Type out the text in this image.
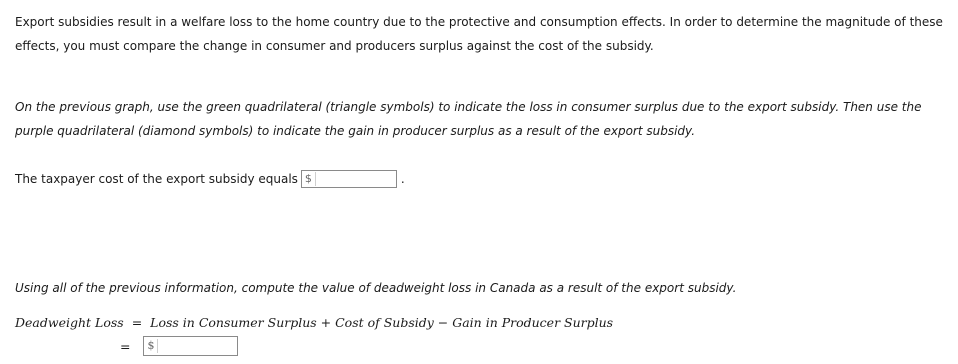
Export subsidies result in a welfare loss to the home country due to the protective and consumption effects. In order to determine the magnitude of these effects, you must compare the change in consumer and producers surplus against the cost of the subsidy.

On the previous graph, use the green quadrilateral (triangle symbols) to indicate the loss in consumer surplus due to the export subsidy. Then use the purple quadrilateral (diamond symbols) to indicate the gain in producer surplus as a result of the export subsidy.

The taxpayer cost of the export subsidy equals $	.

Using all of the previous information, compute the value of deadweight loss in Canada as a result of the export subsidy.

Deadweight Loss = Loss in Consumer Surplus + Cost of Subsidy − Gain in Producer Surplus
= $
